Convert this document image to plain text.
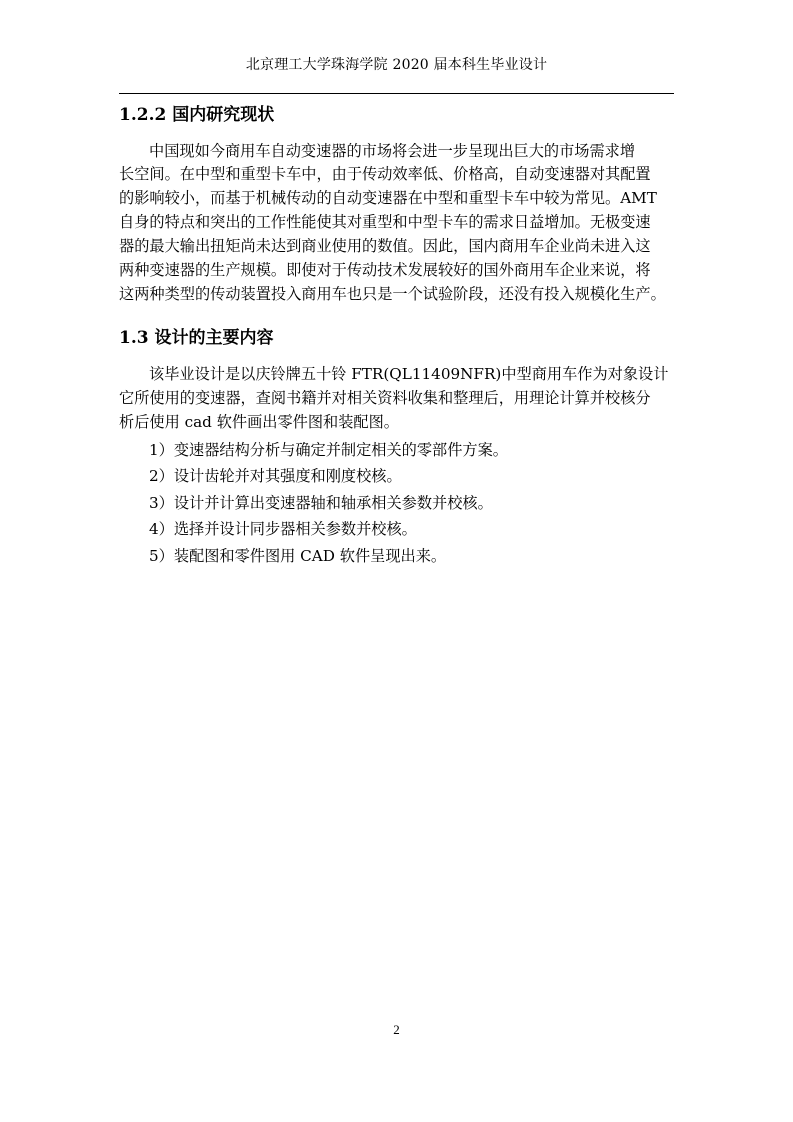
北京理工大学珠海学院 2020 届本科生毕业设计
1.2.2 国内研究现状
中国现如今商用车自动变速器的市场将会进一步呈现出巨大的市场需求增
长空间。在中型和重型卡车中，由于传动效率低、价格高，自动变速器对其配置
的影响较小，而基于机械传动的自动变速器在中型和重型卡车中较为常见。AMT
自身的特点和突出的工作性能使其对重型和中型卡车的需求日益增加。无极变速
器的最大输出扭矩尚未达到商业使用的数值。因此，国内商用车企业尚未进入这
两种变速器的生产规模。即使对于传动技术发展较好的国外商用车企业来说，将
这两种类型的传动装置投入商用车也只是一个试验阶段，还没有投入规模化生产。
1.3 设计的主要内容
该毕业设计是以庆铃牌五十铃 FTR(QL11409NFR)中型商用车作为对象设计
它所使用的变速器，查阅书籍并对相关资料收集和整理后，用理论计算并校核分
析后使用 cad 软件画出零件图和装配图。
1）变速器结构分析与确定并制定相关的零部件方案。
2）设计齿轮并对其强度和刚度校核。
3）设计并计算出变速器轴和轴承相关参数并校核。
4）选择并设计同步器相关参数并校核。
5）装配图和零件图用 CAD 软件呈现出来。
2
